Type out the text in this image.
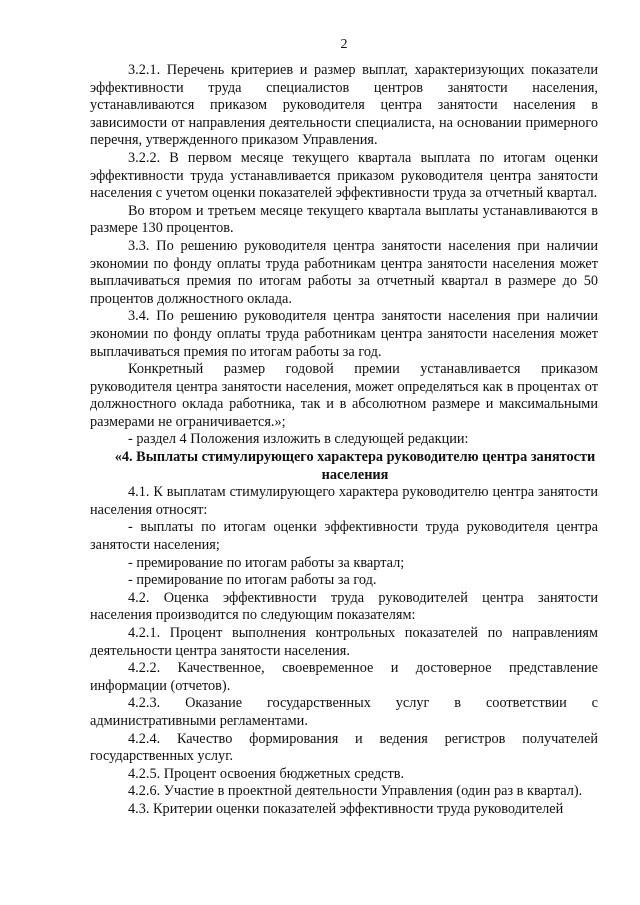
2

3.2.1. Перечень критериев и размер выплат, характеризующих показатели эффективности труда специалистов центров занятости населения, устанавливаются приказом руководителя центра занятости населения в зависимости от направления деятельности специалиста, на основании примерного перечня, утвержденного приказом Управления.

3.2.2. В первом месяце текущего квартала выплата по итогам оценки эффективности труда устанавливается приказом руководителя центра занятости населения с учетом оценки показателей эффективности труда за отчетный квартал.

Во втором и третьем месяце текущего квартала выплаты устанавливаются в размере 130 процентов.

3.3. По решению руководителя центра занятости населения при наличии экономии по фонду оплаты труда работникам центра занятости населения может выплачиваться премия по итогам работы за отчетный квартал в размере до 50 процентов должностного оклада.

3.4. По решению руководителя центра занятости населения при наличии экономии по фонду оплаты труда работникам центра занятости населения может выплачиваться премия по итогам работы за год.

Конкретный размер годовой премии устанавливается приказом руководителя центра занятости населения, может определяться как в процентах от должностного оклада работника, так и в абсолютном размере и максимальными размерами не ограничивается.»;

- раздел 4 Положения изложить в следующей редакции:

«4. Выплаты стимулирующего характера руководителю центра занятости населения

4.1. К выплатам стимулирующего характера руководителю центра занятости населения относят:

- выплаты по итогам оценки эффективности труда руководителя центра занятости населения;

- премирование по итогам работы за квартал;

- премирование по итогам работы за год.

4.2. Оценка эффективности труда руководителей центра занятости населения производится по следующим показателям:

4.2.1. Процент выполнения контрольных показателей по направлениям деятельности центра занятости населения.

4.2.2. Качественное, своевременное и достоверное представление информации (отчетов).

4.2.3. Оказание государственных услуг в соответствии с административными регламентами.

4.2.4. Качество формирования и ведения регистров получателей государственных услуг.

4.2.5. Процент освоения бюджетных средств.

4.2.6. Участие в проектной деятельности Управления (один раз в квартал).

4.3. Критерии оценки показателей эффективности труда руководителей
